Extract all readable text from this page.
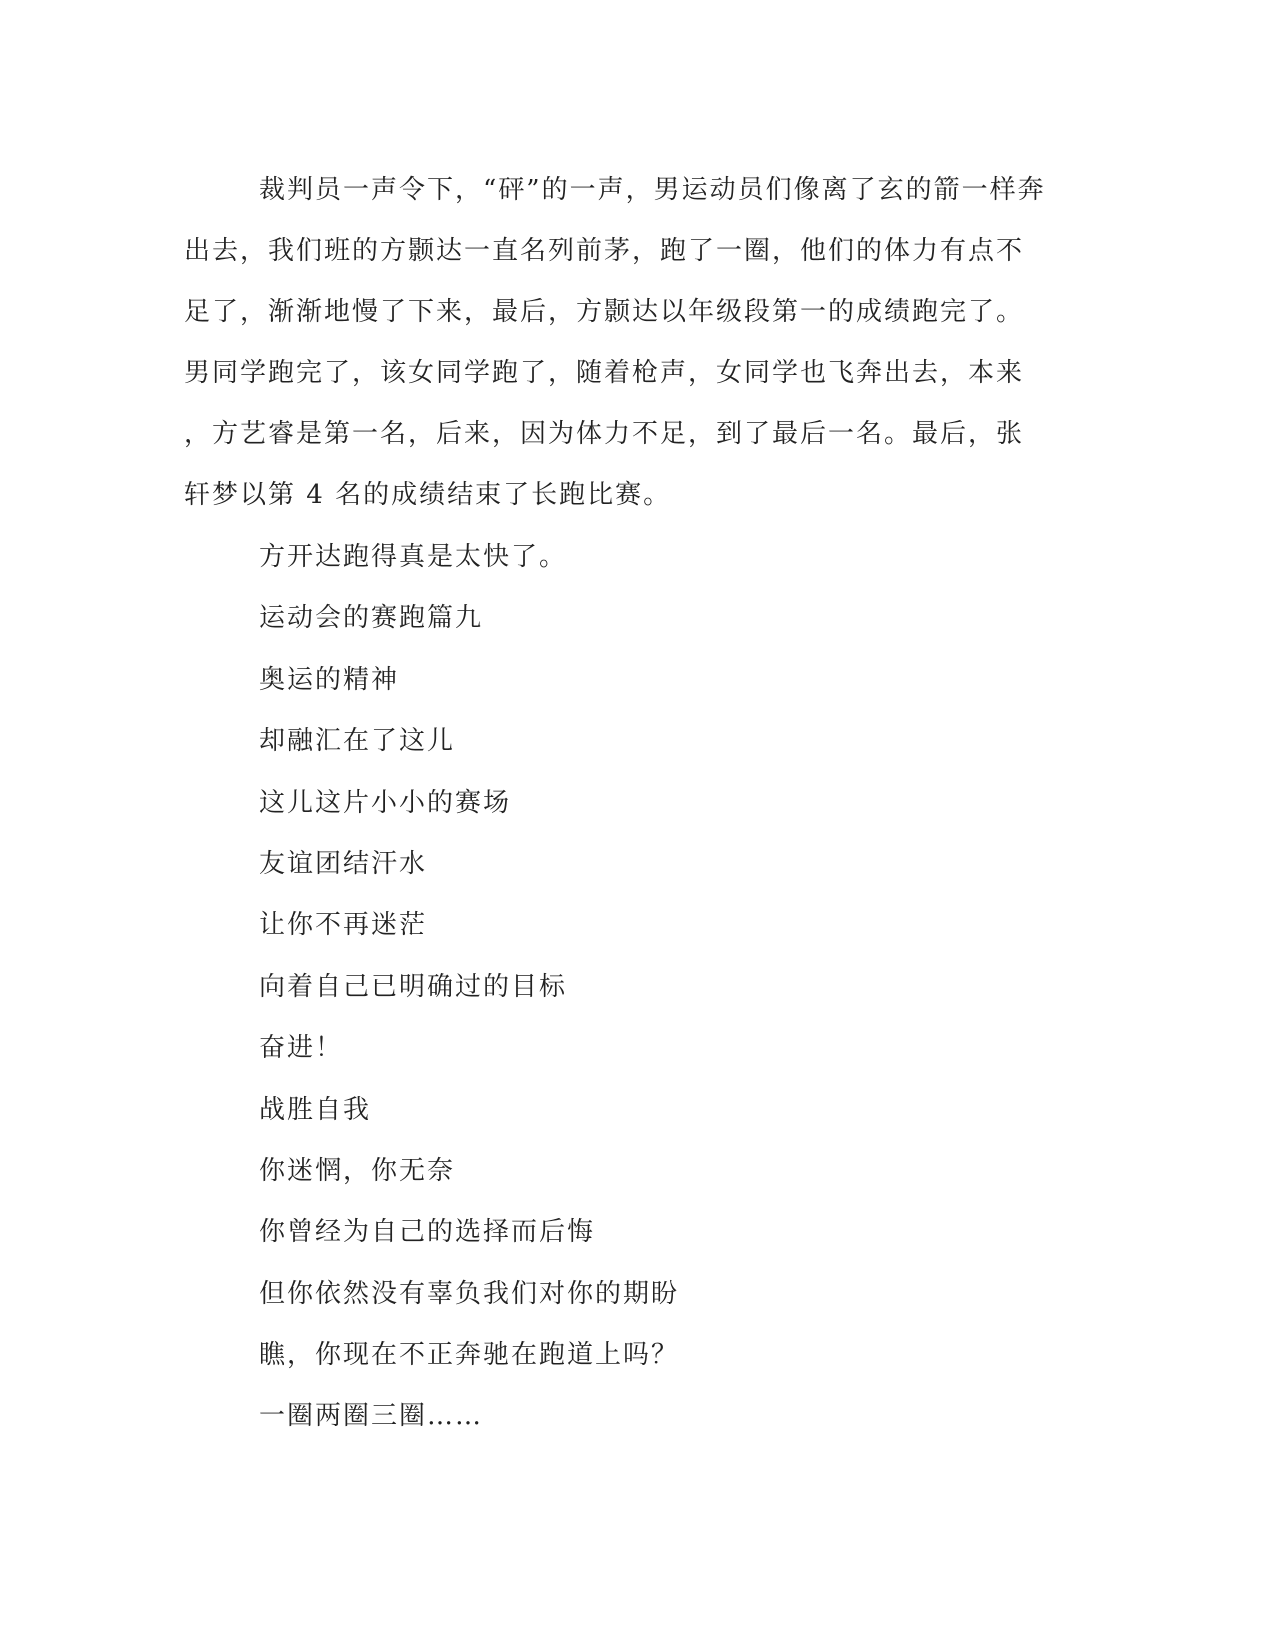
裁判员一声令下，“砰”的一声，男运动员们像离了玄的箭一样奔
出去，我们班的方颢达一直名列前茅，跑了一圈，他们的体力有点不
足了，渐渐地慢了下来，最后，方颢达以年级段第一的成绩跑完了。
男同学跑完了，该女同学跑了，随着枪声，女同学也飞奔出去，本来
，方艺睿是第一名，后来，因为体力不足，到了最后一名。最后，张
轩梦以第 4 名的成绩结束了长跑比赛。
方开达跑得真是太快了。
运动会的赛跑篇九
奥运的精神
却融汇在了这儿
这儿这片小小的赛场
友谊团结汗水
让你不再迷茫
向着自己已明确过的目标
奋进！
战胜自我
你迷惘，你无奈
你曾经为自己的选择而后悔
但你依然没有辜负我们对你的期盼
瞧，你现在不正奔驰在跑道上吗？
一圈两圈三圈……
